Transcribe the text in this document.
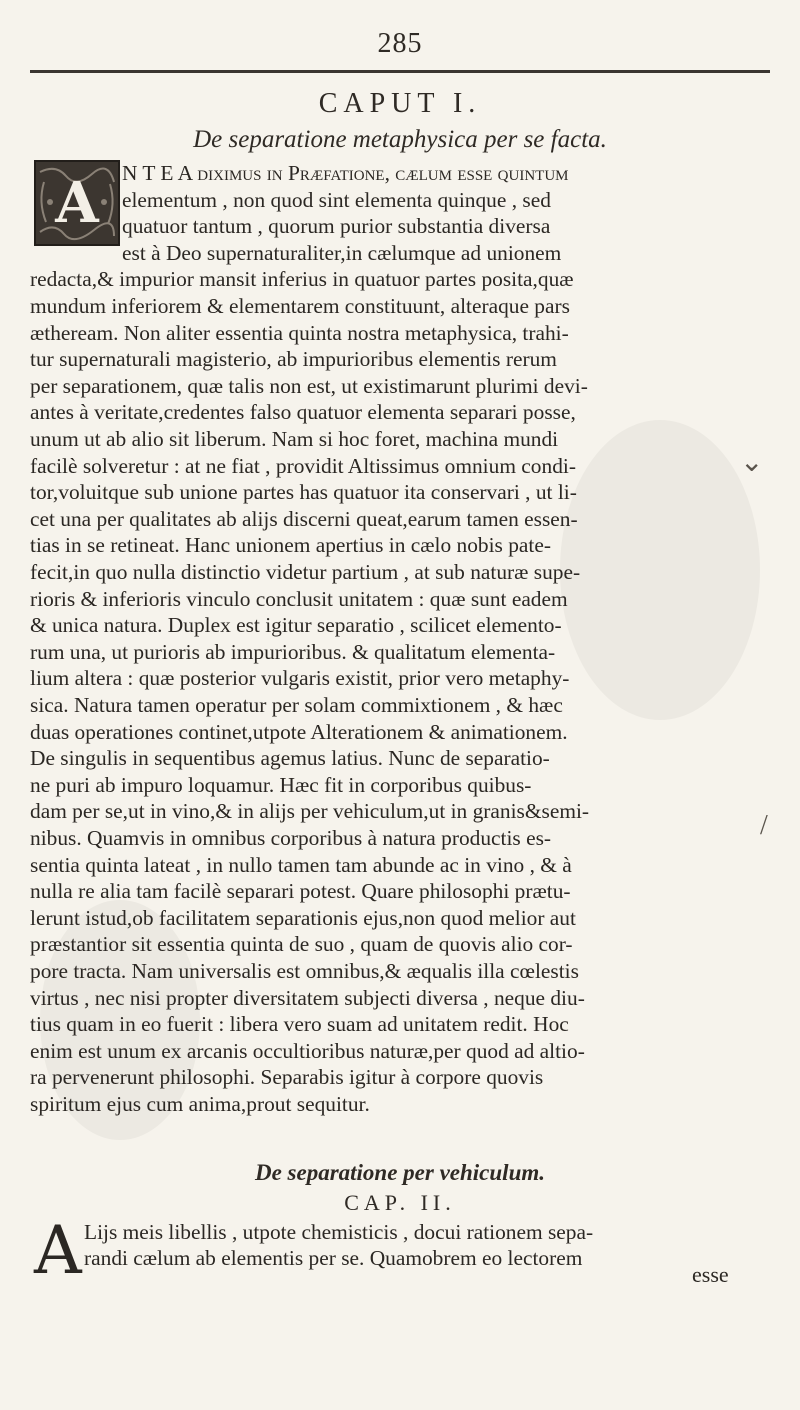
285
CAPUT I.
De separatione metaphysica per se facta.
A N T E A diximus in Præfatione, cælum esse quintum
elementum , non quod sint elementa quinque , sed
quatuor tantum , quorum purior substantia diversa
est à Deo supernaturaliter,in cælumque ad unionem
redacta,& impurior mansit inferius in quatuor partes posita,quæ
mundum inferiorem & elementarem constituunt, alteraque pars
ætheream. Non aliter essentia quinta nostra metaphysica, trahi-
tur supernaturali magisterio, ab impurioribus elementis rerum
per separationem, quæ talis non est, ut existimarunt plurimi devi-
antes à veritate,credentes falso quatuor elementa separari posse,
unum ut ab alio sit liberum. Nam si hoc foret, machina mundi
facilè solveretur : at ne fiat , providit Altissimus omnium condi-
tor,voluitque sub unione partes has quatuor ita conservari , ut li-
cet una per qualitates ab alijs discerni queat,earum tamen essen-
tias in se retineat. Hanc unionem apertius in cælo nobis pate-
fecit,in quo nulla distinctio videtur partium , at sub naturæ supe-
rioris & inferioris vinculo conclusit unitatem : quæ sunt eadem
& unica natura. Duplex est igitur separatio , scilicet elemento-
rum una, ut purioris ab impurioribus. & qualitatum elementa-
lium altera : quæ posterior vulgaris existit, prior vero metaphy-
sica. Natura tamen operatur per solam commixtionem , & hæc
duas operationes continet,utpote Alterationem & animationem.
De singulis in sequentibus agemus latius. Nunc de separatio-
ne puri ab impuro loquamur. Hæc fit in corporibus quibus-
dam per se,ut in vino,& in alijs per vehiculum,ut in granis&semi-
nibus. Quamvis in omnibus corporibus à natura productis es-
sentia quinta lateat , in nullo tamen tam abunde ac in vino , & à
nulla re alia tam facilè separari potest. Quare philosophi prætu-
lerunt istud,ob facilitatem separationis ejus,non quod melior aut
præstantior sit essentia quinta de suo , quam de quovis alio cor-
pore tracta. Nam universalis est omnibus,& æqualis illa cœlestis
virtus , nec nisi propter diversitatem subjecti diversa , neque diu-
tius quam in eo fuerit : libera vero suam ad unitatem redit. Hoc
enim est unum ex arcanis occultioribus naturæ,per quod ad altio-
ra pervenerunt philosophi. Separabis igitur à corpore quovis
spiritum ejus cum anima,prout sequitur.
De separatione per vehiculum.
CAP. II.
A Lijs meis libellis , utpote chemisticis , docui rationem sepa-
randi cælum ab elementis per se. Quamobrem eo lectorem
esse
⌄
/
